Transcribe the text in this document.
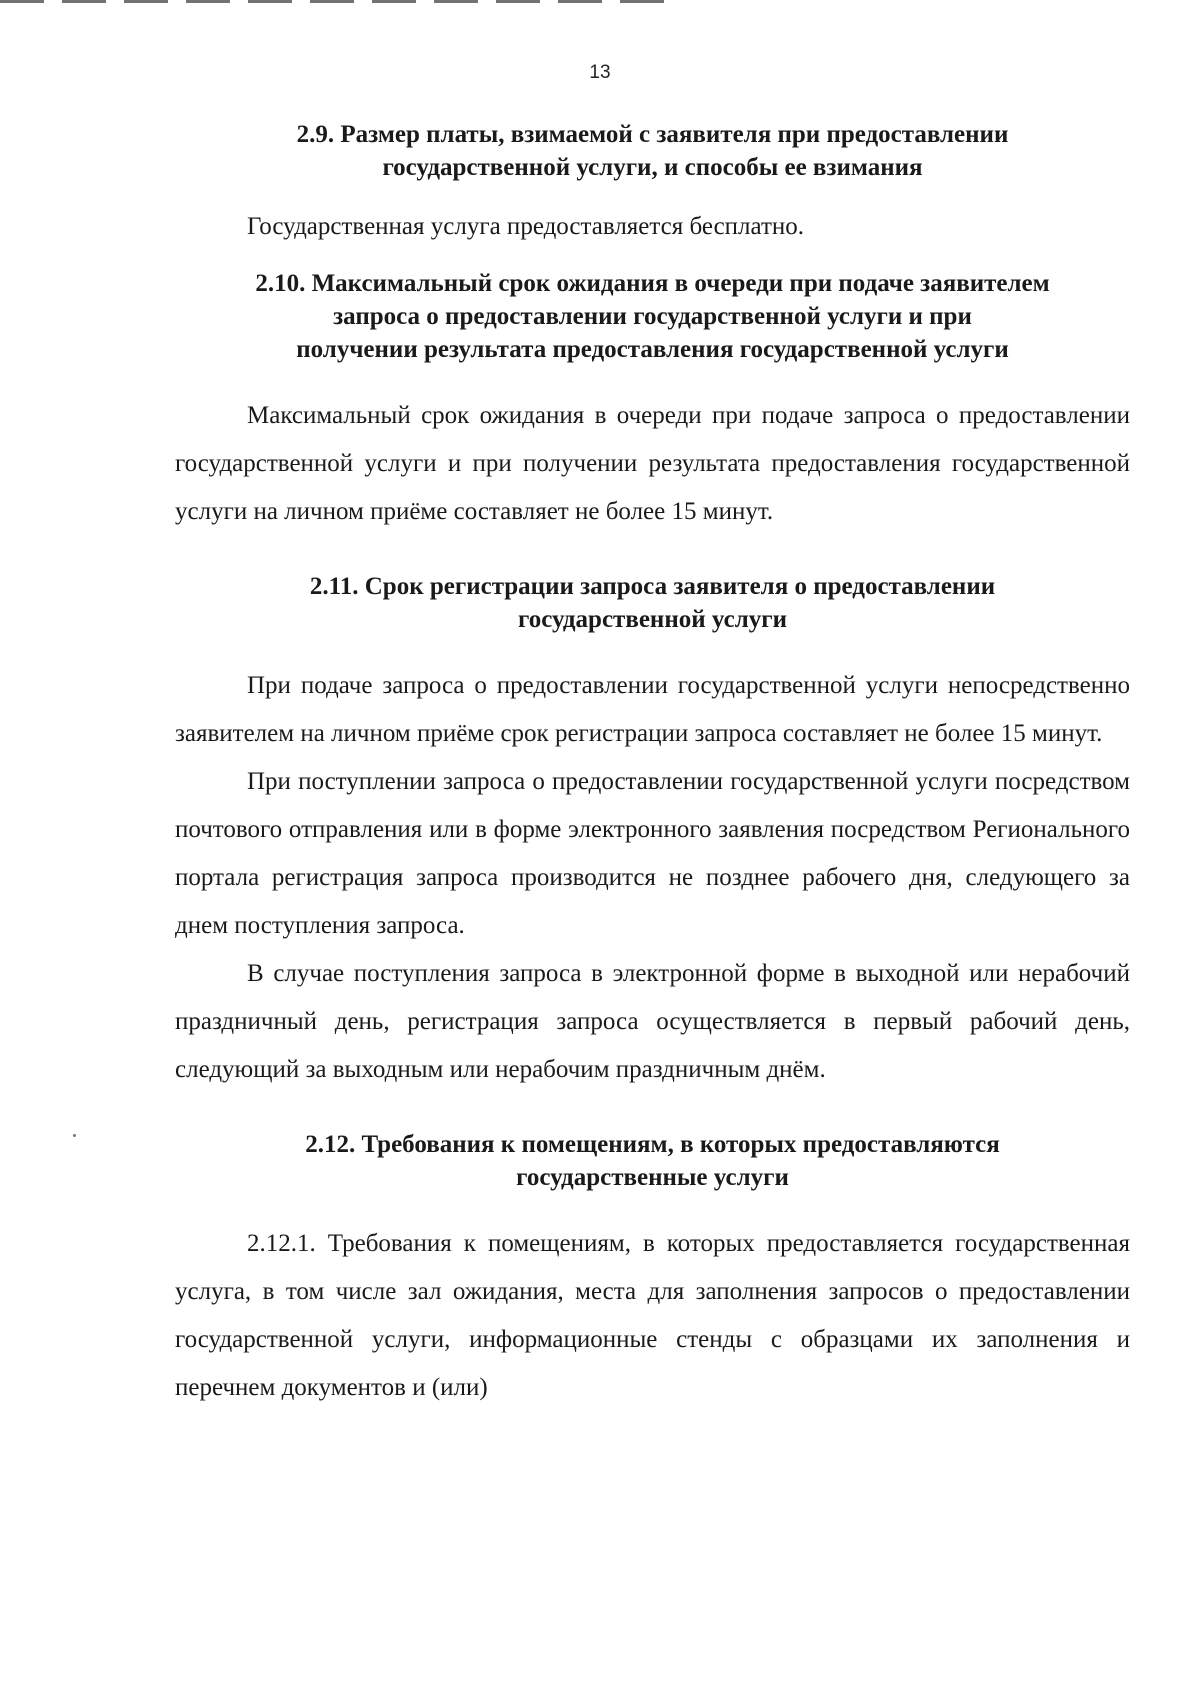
13
2.9. Размер платы, взимаемой с заявителя при предоставлении
государственной услуги, и способы ее взимания

Государственная услуга предоставляется бесплатно.

2.10. Максимальный срок ожидания в очереди при подаче заявителем
запроса о предоставлении государственной услуги и при
получении результата предоставления государственной услуги

Максимальный срок ожидания в очереди при подаче запроса о предоставлении государственной услуги и при получении результата предоставления государственной услуги на личном приёме составляет не более 15 минут.

2.11. Срок регистрации запроса заявителя о предоставлении
государственной услуги

При подаче запроса о предоставлении государственной услуги непосредственно заявителем на личном приёме срок регистрации запроса составляет не более 15 минут.

При поступлении запроса о предоставлении государственной услуги посредством почтового отправления или в форме электронного заявления посредством Регионального портала регистрация запроса производится не позднее рабочего дня, следующего за днем поступления запроса.

В случае поступления запроса в электронной форме в выходной или нерабочий праздничный день, регистрация запроса осуществляется в первый рабочий день, следующий за выходным или нерабочим праздничным днём.

2.12. Требования к помещениям, в которых предоставляются
государственные услуги

2.12.1. Требования к помещениям, в которых предоставляется государственная услуга, в том числе зал ожидания, места для заполнения запросов о предоставлении государственной услуги, информационные стенды с образцами их заполнения и перечнем документов и (или)
